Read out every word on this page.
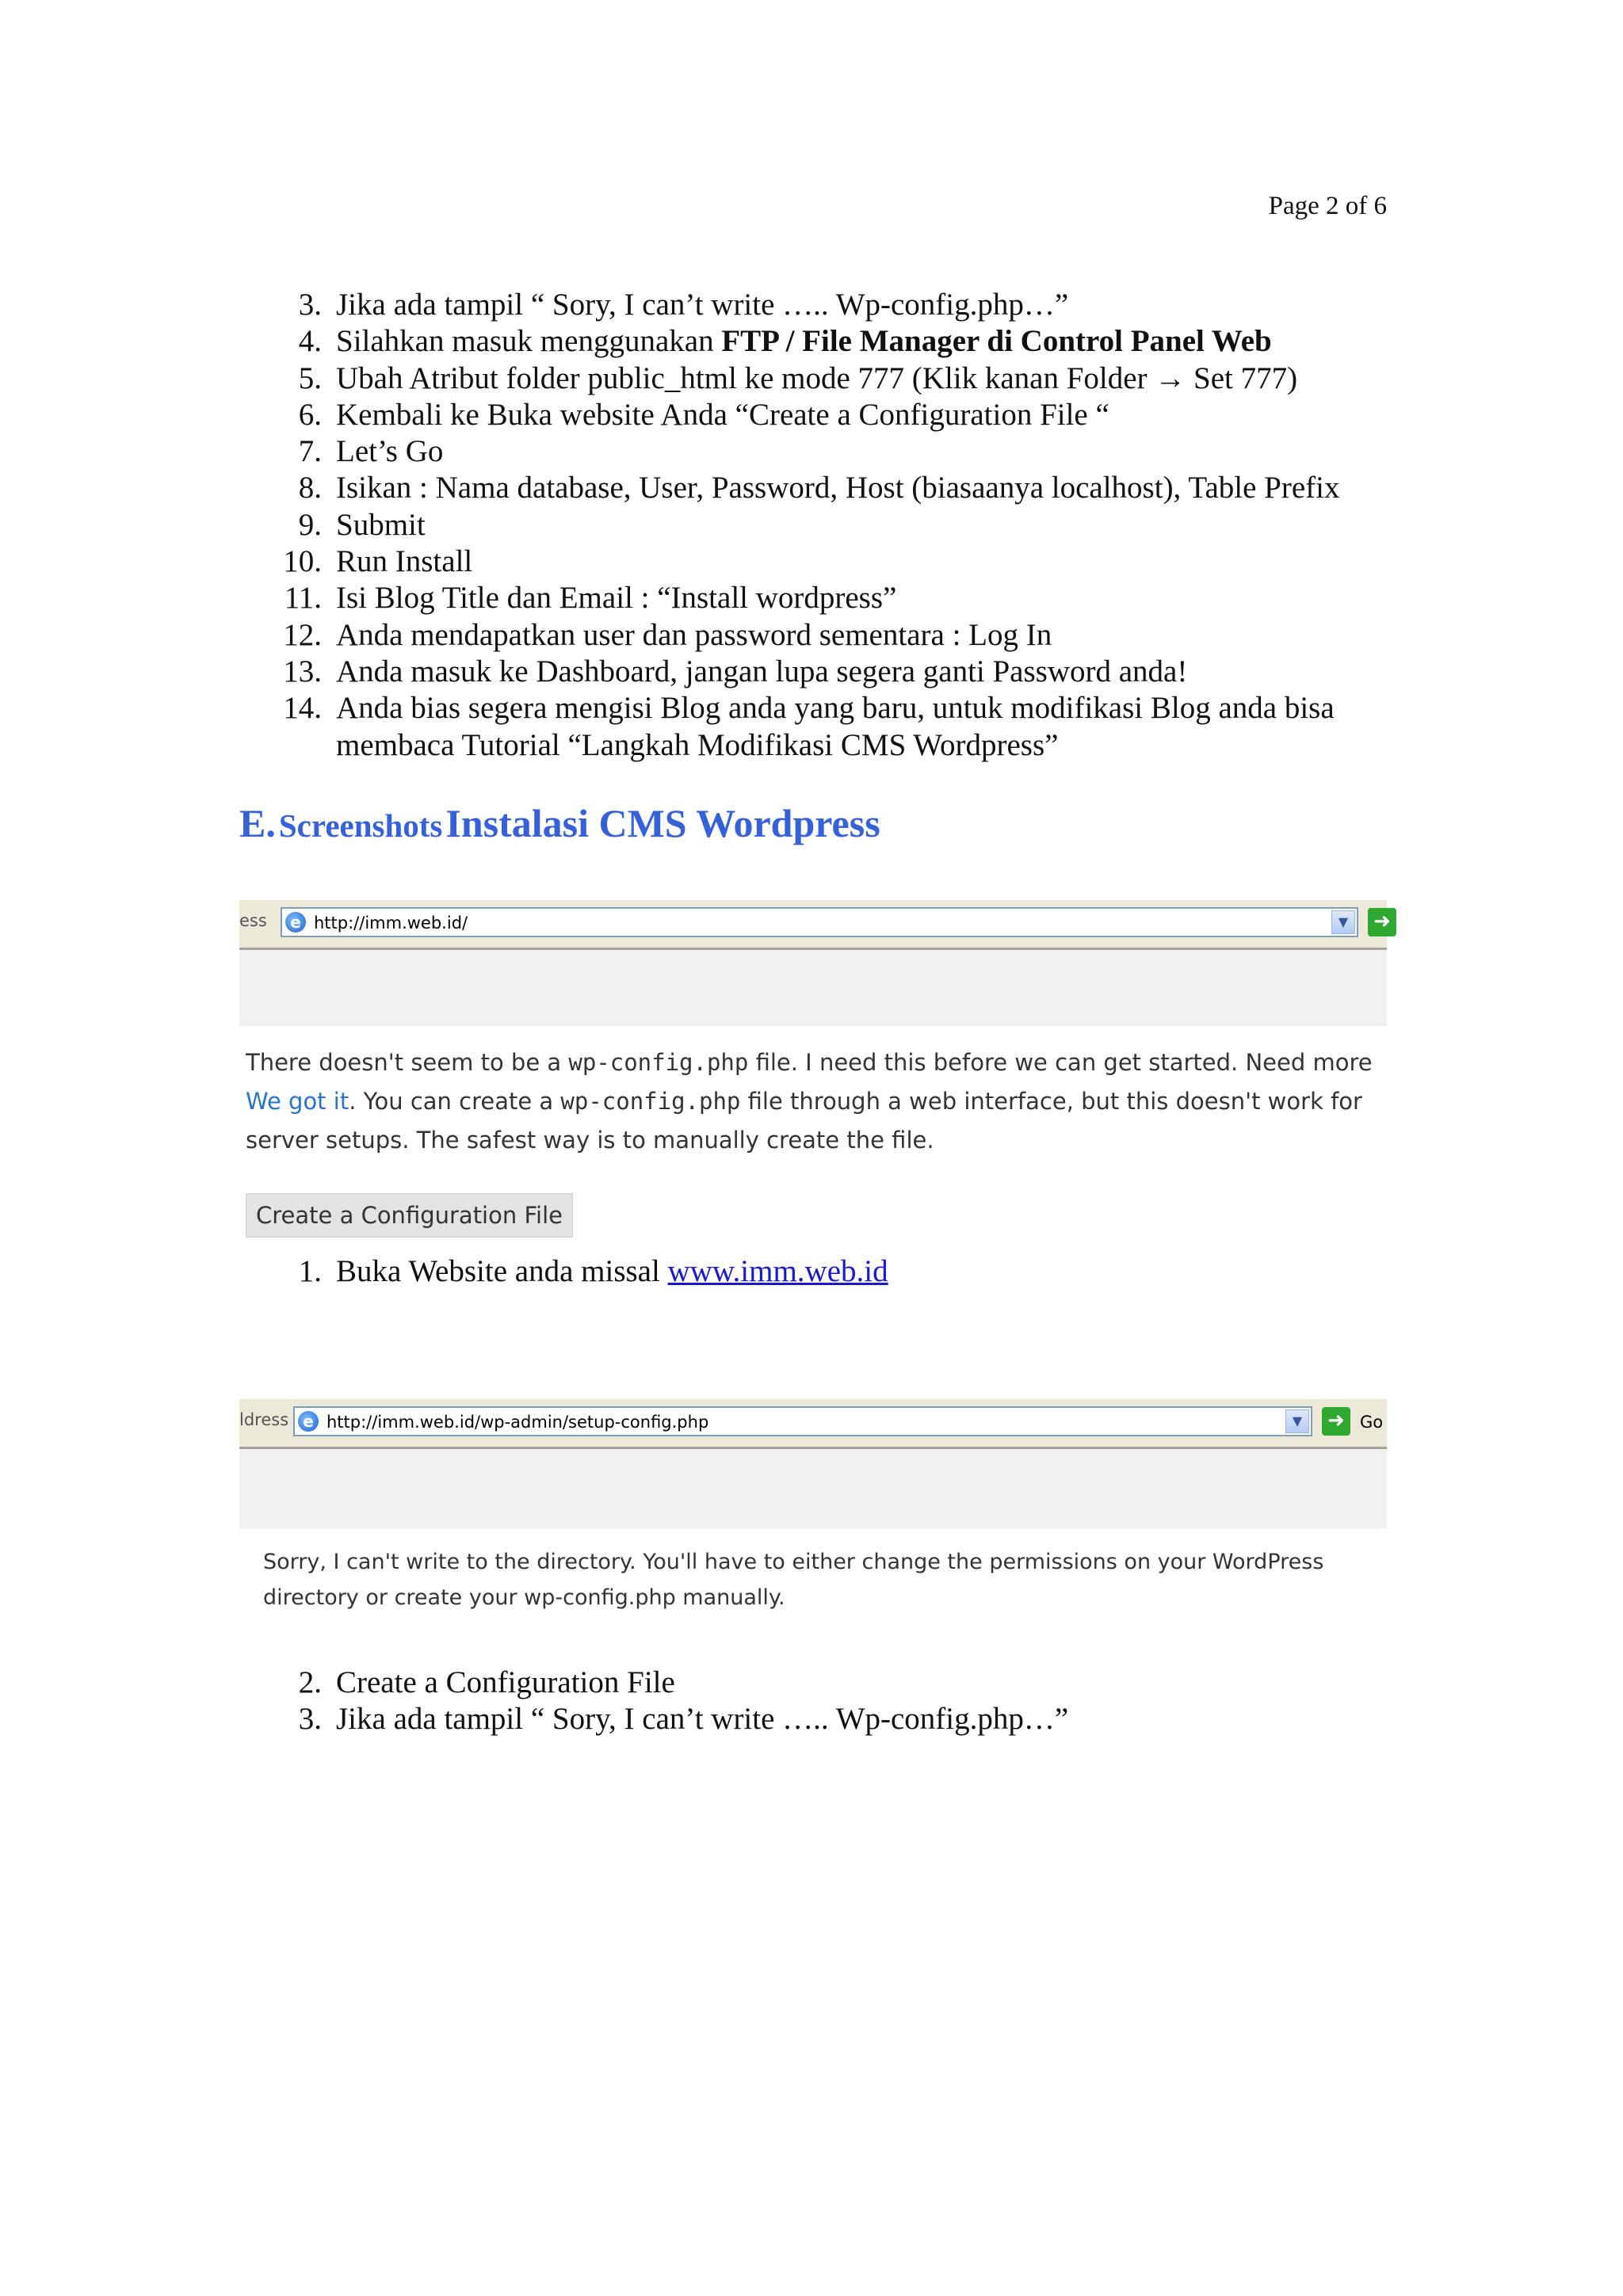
Page 2 of 6
3. Jika ada tampil “ Sory, I can’t write ….. Wp-config.php…”
4. Silahkan masuk menggunakan FTP / File Manager di Control Panel Web
5. Ubah Atribut folder public_html ke mode 777 (Klik kanan Folder → Set 777)
6. Kembali ke Buka website Anda “Create a Configuration File “
7. Let’s Go
8. Isikan : Nama database, User, Password, Host (biasaanya localhost), Table Prefix
9. Submit
10. Run Install
11. Isi Blog Title dan Email : “Install wordpress”
12. Anda mendapatkan user dan password sementara : Log In
13. Anda masuk ke Dashboard, jangan lupa segera ganti Password anda!
14. Anda bias segera mengisi Blog anda yang baru, untuk modifikasi Blog anda bisa
membaca Tutorial “Langkah Modifikasi CMS Wordpress”
E. Screenshots Instalasi CMS Wordpress
ess	e http://imm.web.id/	▼	➜
There doesn't seem to be a wp-config.php file. I need this before we can get started. Need more
We got it. You can create a wp-config.php file through a web interface, but this doesn't work for
server setups. The safest way is to manually create the file.
Create a Configuration File
1. Buka Website anda missal www.imm.web.id
ldress e http://imm.web.id/wp-admin/setup-config.php	▼	➜ Go
Sorry, I can't write to the directory. You'll have to either change the permissions on your WordPress
directory or create your wp-config.php manually.
2. Create a Configuration File
3. Jika ada tampil “ Sory, I can’t write ….. Wp-config.php…”
